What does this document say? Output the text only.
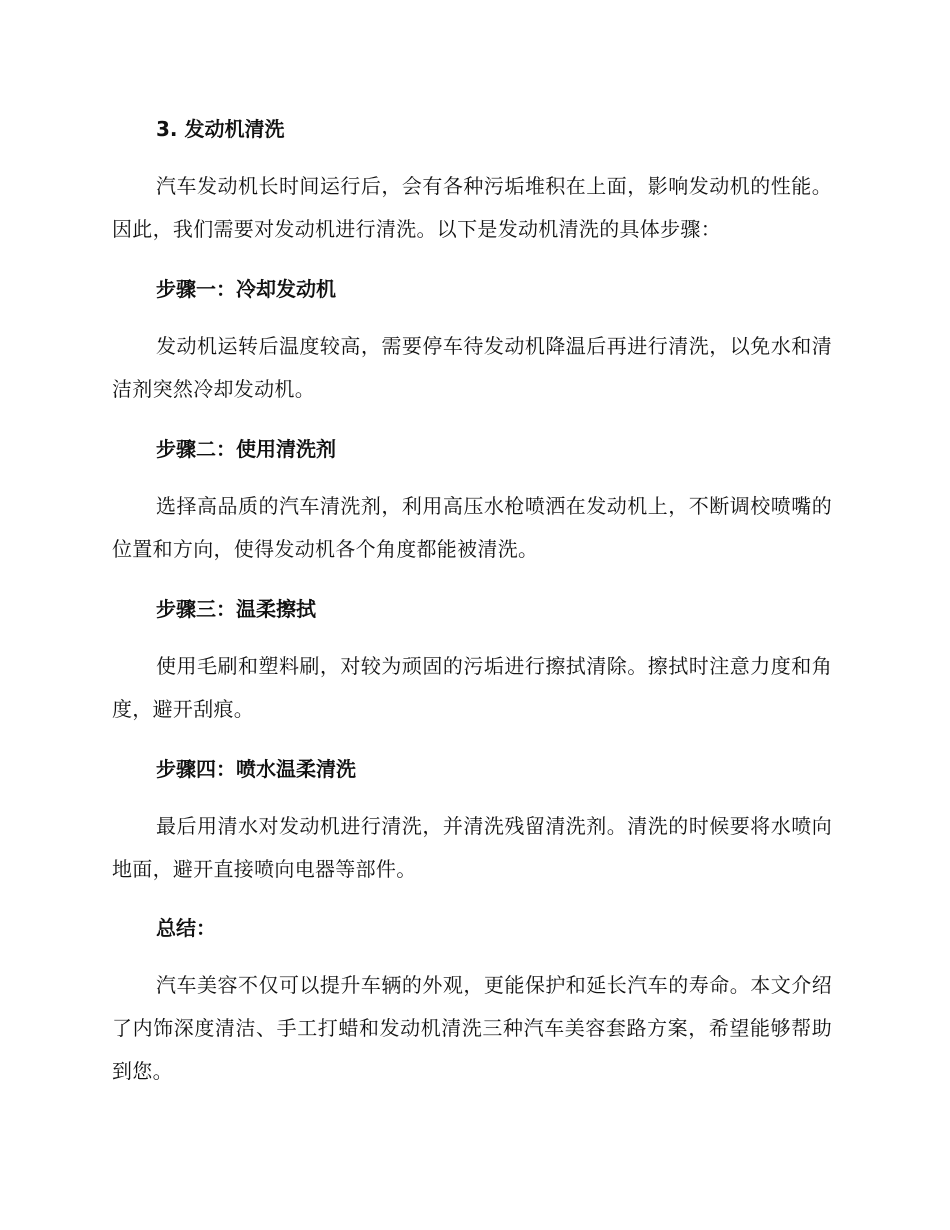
3. 发动机清洗

汽车发动机长时间运行后，会有各种污垢堆积在上面，影响发动机的性能。因此，我们需要对发动机进行清洗。以下是发动机清洗的具体步骤：

步骤一：冷却发动机

发动机运转后温度较高，需要停车待发动机降温后再进行清洗，以免水和清洁剂突然冷却发动机。

步骤二：使用清洗剂

选择高品质的汽车清洗剂，利用高压水枪喷洒在发动机上，不断调校喷嘴的位置和方向，使得发动机各个角度都能被清洗。

步骤三：温柔擦拭

使用毛刷和塑料刷，对较为顽固的污垢进行擦拭清除。擦拭时注意力度和角度，避开刮痕。

步骤四：喷水温柔清洗

最后用清水对发动机进行清洗，并清洗残留清洗剂。清洗的时候要将水喷向地面，避开直接喷向电器等部件。

总结：

汽车美容不仅可以提升车辆的外观，更能保护和延长汽车的寿命。本文介绍了内饰深度清洁、手工打蜡和发动机清洗三种汽车美容套路方案，希望能够帮助到您。
